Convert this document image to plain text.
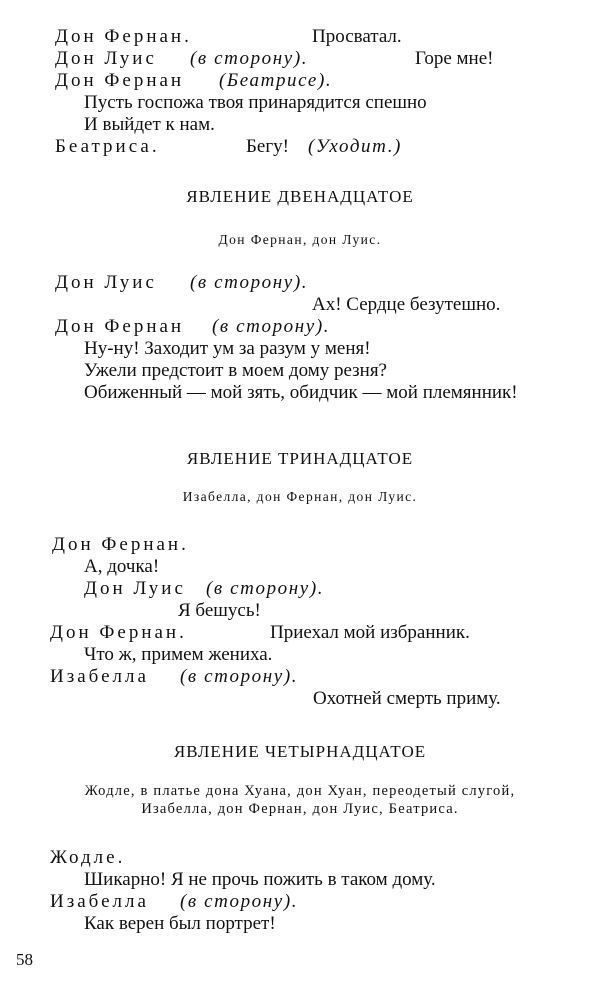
Дон Фернан.	Просватал.
Дон Луис (в сторону).	Горе мне!
Дон Фернан (Беатрисе).
Пусть госпожа твоя принарядится спешно
И выйдет к нам.
Беатриса.	Бегу! (Уходит.)
ЯВЛЕНИЕ ДВЕНАДЦАТОЕ
Дон Фернан, дон Луис.
Дон Луис (в сторону).
Ах! Сердце безутешно.
Дон Фернан (в сторону).
Ну-ну! Заходит ум за разум у меня!
Ужели предстоит в моем дому резня?
Обиженный — мой зять, обидчик — мой племянник!
ЯВЛЕНИЕ ТРИНАДЦАТОЕ
Изабелла, дон Фернан, дон Луис.
Дон Фернан.
А, дочка!
Дон Луис (в сторону).
Я бешусь!
Дон Фернан.	Приехал мой избранник.
Что ж, примем жениха.
Изабелла (в сторону).
Охотней смерть приму.
ЯВЛЕНИЕ ЧЕТЫРНАДЦАТОЕ
Жодле, в платье дона Хуана, дон Хуан, переодетый слугой,
Изабелла, дон Фернан, дон Луис, Беатриса.
Жодле.
Шикарно! Я не прочь пожить в таком дому.
Изабелла (в сторону).
Как верен был портрет!
58
